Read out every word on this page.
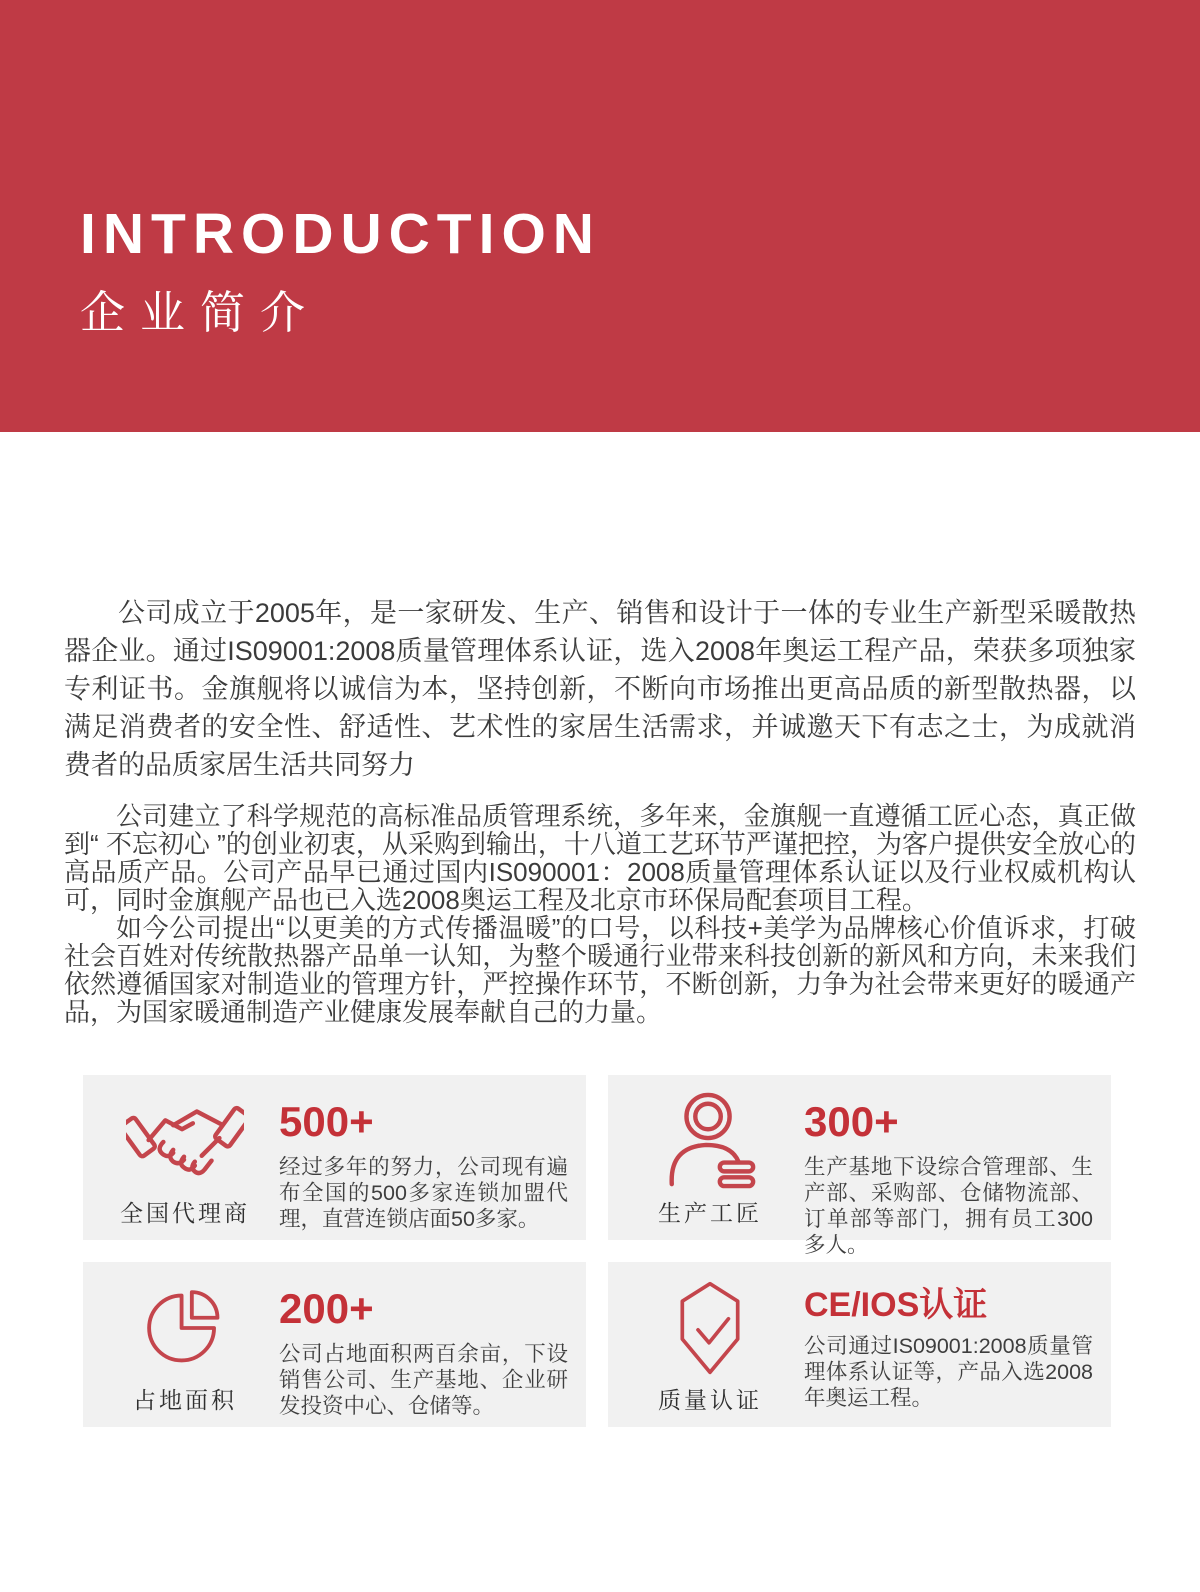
INTRODUCTION
企业简介

公司成立于2005年，是一家研发、生产、销售和设计于一体的专业生产新型采暖散热器企业。通过IS09001:2008质量管理体系认证，选入2008年奥运工程产品，荣获多项独家专利证书。金旗舰将以诚信为本，坚持创新，不断向市场推出更高品质的新型散热器，以满足消费者的安全性、舒适性、艺术性的家居生活需求，并诚邀天下有志之士，为成就消费者的品质家居生活共同努力

公司建立了科学规范的高标准品质管理系统，多年来，金旗舰一直遵循工匠心态，真正做到“ 不忘初心 ”的创业初衷，从采购到输出，十八道工艺环节严谨把控，为客户提供安全放心的高品质产品。公司产品早已通过国内IS090001：2008质量管理体系认证以及行业权威机构认可，同时金旗舰产品也已入选2008奥运工程及北京市环保局配套项目工程。

如今公司提出“以更美的方式传播温暖”的口号，以科技+美学为品牌核心价值诉求，打破社会百姓对传统散热器产品单一认知，为整个暖通行业带来科技创新的新风和方向，未来我们依然遵循国家对制造业的管理方针，严控操作环节，不断创新，力争为社会带来更好的暖通产品，为国家暖通制造产业健康发展奉献自己的力量。

全国代理商
500+

经过多年的努力，公司现有遍布全国的500多家连锁加盟代理，直营连锁店面50多家。	生产工匠
300+

生产基地下设综合管理部、生产部、采购部、仓储物流部、订单部等部门，拥有员工300多人。

占地面积
200+

公司占地面积两百余亩，下设销售公司、生产基地、企业研发投资中心、仓储等。	质量认证
CE/IOS认证

公司通过IS09001:2008质量管理体系认证等，产品入选2008年奥运工程。
